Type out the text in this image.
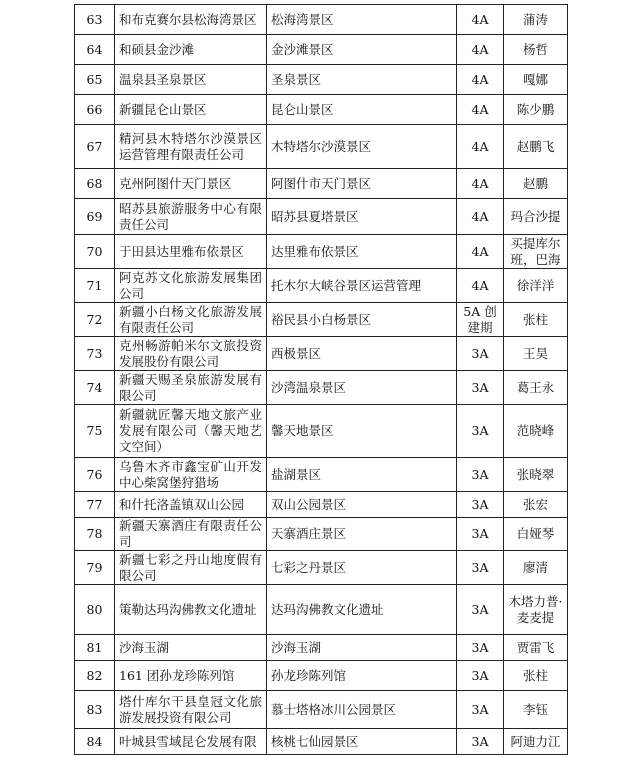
63	和布克赛尔县松海湾景区	松海湾景区	4A	蒲涛

64	和硕县金沙滩	金沙滩景区	4A	杨哲

65	温泉县圣泉景区	圣泉景区	4A	嘎娜

66	新疆昆仑山景区	昆仑山景区	4A	陈少鹏

67	精河县木特塔尔沙漠景区运营管理有限责任公司	木特塔尔沙漠景区	4A	赵鹏飞

68	克州阿图什天门景区	阿图什市天门景区	4A	赵鹏

69	昭苏县旅游服务中心有限责任公司	昭苏县夏塔景区	4A	玛合沙提

70	于田县达里雅布依景区	达里雅布依景区	4A	买提库尔班，巴海

71	阿克苏文化旅游发展集团公司	托木尔大峡谷景区运营管理	4A	徐洋洋

72	新疆小白杨文化旅游发展有限责任公司	裕民县小白杨景区	5A 创建期	张柱

73	克州畅游帕米尔文旅投资发展股份有限公司	西极景区	3A	王昊

74	新疆天赐圣泉旅游发展有限公司	沙湾温泉景区	3A	葛王永

75	新疆就匠馨天地文旅产业发展有限公司（馨天地艺文空间）	馨天地景区	3A	范晓峰

76	乌鲁木齐市鑫宝矿山开发中心柴窝堡狩猎场	盐湖景区	3A	张晓翠

77	和什托洛盖镇双山公园	双山公园景区	3A	张宏

78	新疆天寨酒庄有限责任公司	天寨酒庄景区	3A	白娅琴

79	新疆七彩之丹山地度假有限公司	七彩之丹景区	3A	廖清

80	策勒达玛沟佛教文化遗址	达玛沟佛教文化遗址	3A	木塔力普·麦麦提

81	沙海玉湖	沙海玉湖	3A	贾雷飞

82	161 团孙龙珍陈列馆	孙龙珍陈列馆	3A	张柱

83	塔什库尔干县皇冠文化旅游发展投资有限公司	慕士塔格冰川公园景区	3A	李钰

84	叶城县雪域昆仑发展有限	核桃七仙园景区	3A	阿迪力江
